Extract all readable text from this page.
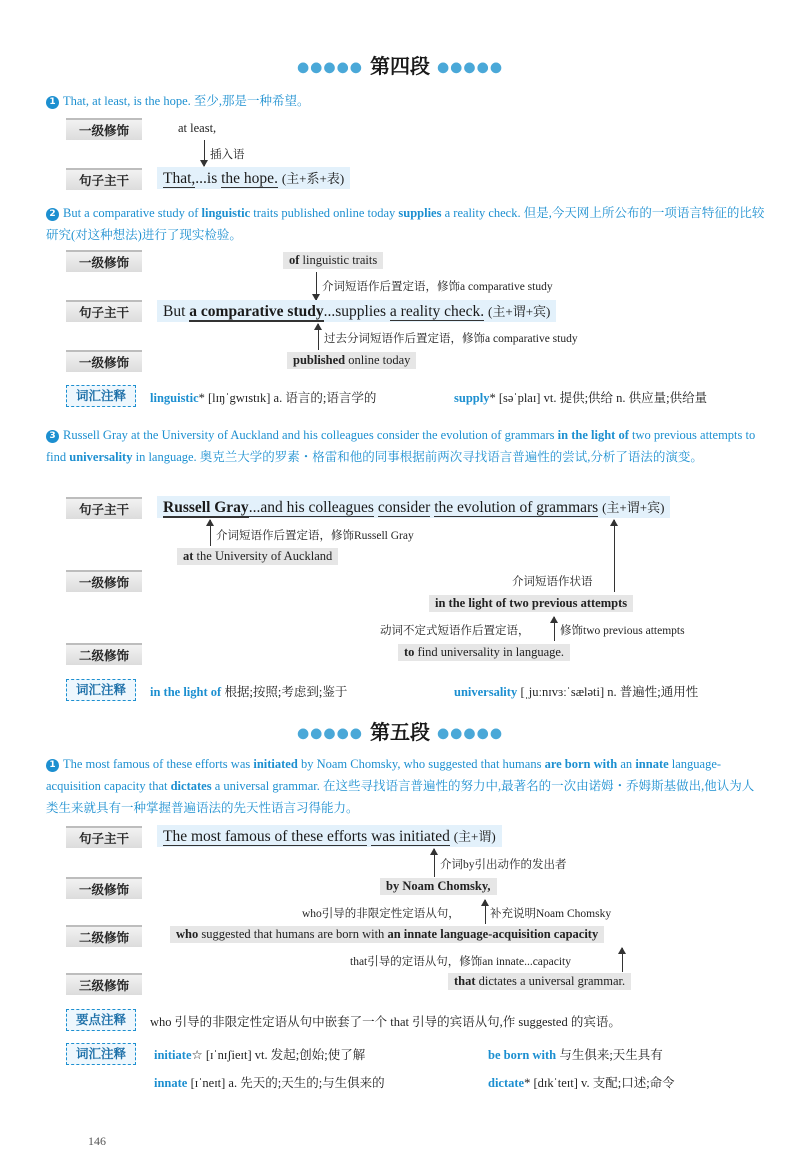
●●●●● 第四段 ●●●●●
1 That, at least, is the hope. 至少,那是一种希望。
一级修饰	at least,
插入语
句子主干	That,...is the hope. (主+系+表)
2 But a comparative study of linguistic traits published online today supplies a reality check. 但是,今天网上所公布的一项语言特征的比较研究(对这种想法)进行了现实检验。
一级修饰	of linguistic traits
介词短语作后置定语，修饰a comparative study
句子主干	But a comparative study...supplies a reality check. (主+谓+宾)
过去分词短语作后置定语，修饰a comparative study
一级修饰	published online today
词汇注释	linguistic* [lɪŋˈgwɪstɪk] a. 语言的;语言学的	supply* [səˈplaɪ] vt. 提供;供给 n. 供应量;供给量
3 Russell Gray at the University of Auckland and his colleagues consider the evolution of grammars in the light of two previous attempts to find universality in language. 奥克兰大学的罗素・格雷和他的同事根据前两次寻找语言普遍性的尝试,分析了语法的演变。
句子主干	Russell Gray...and his colleagues consider the evolution of grammars (主+谓+宾)
介词短语作后置定语，修饰Russell Gray
at the University of Auckland
一级修饰	介词短语作状语
in the light of two previous attempts
动词不定式短语作后置定语，	修饰two previous attempts
二级修饰	to find universality in language.
词汇注释	in the light of 根据;按照;考虑到;鉴于	universality [ˌjuːnɪvɜːˈsæləti] n. 普遍性;通用性
●●●●● 第五段 ●●●●●
1 The most famous of these efforts was initiated by Noam Chomsky, who suggested that humans are born with an innate language-acquisition capacity that dictates a universal grammar. 在这些寻找语言普遍性的努力中,最著名的一次由诺姆・乔姆斯基做出,他认为人类生来就具有一种掌握普遍语法的先天性语言习得能力。
句子主干	The most famous of these efforts was initiated (主+谓)
介词by引出动作的发出者
一级修饰	by Noam Chomsky,
who引导的非限定性定语从句，	补充说明Noam Chomsky
二级修饰	who suggested that humans are born with an innate language-acquisition capacity
that引导的定语从句，修饰an innate...capacity
三级修饰	that dictates a universal grammar.
要点注释	who 引导的非限定性定语从句中嵌套了一个 that 引导的宾语从句,作 suggested 的宾语。
词汇注释	initiate☆ [ɪˈnɪʃieɪt] vt. 发起;创始;使了解	be born with 与生俱来;天生具有
innate [ɪˈneɪt] a. 先天的;天生的;与生俱来的	dictate* [dɪkˈteɪt] v. 支配;口述;命令
146
